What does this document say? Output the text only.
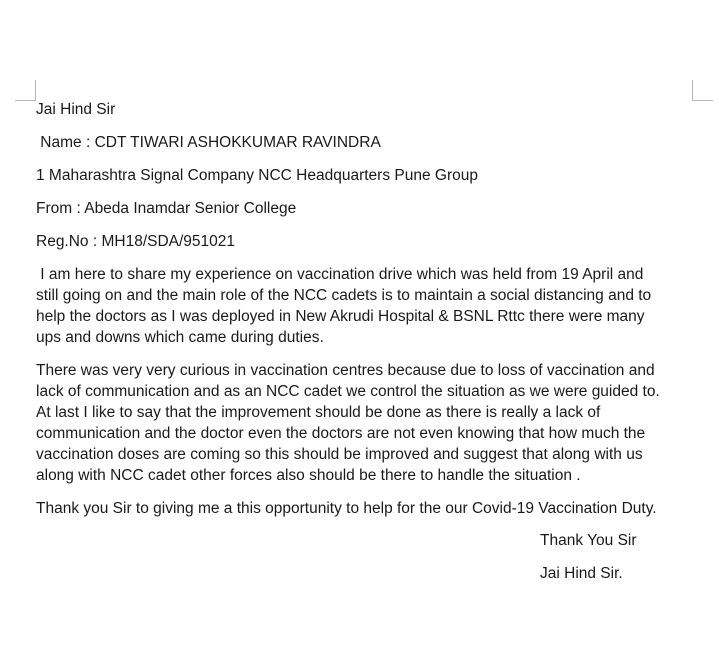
Jai Hind Sir

Name : CDT TIWARI ASHOKKUMAR RAVINDRA

1 Maharashtra Signal Company NCC Headquarters Pune Group

From : Abeda Inamdar Senior College

Reg.No : MH18/SDA/951021

I am here to share my experience on vaccination drive which was held from 19 April and
still going on and the main role of the NCC cadets is to maintain a social distancing and to
help the doctors as I was deployed in New Akrudi Hospital & BSNL Rttc there were many
ups and downs which came during duties.
There was very very curious in vaccination centres because due to loss of vaccination and
lack of communication and as an NCC cadet we control the situation as we were guided to.
At last I like to say that the improvement should be done as there is really a lack of
communication and the doctor even the doctors are not even knowing that how much the
vaccination doses are coming so this should be improved and suggest that along with us
along with NCC cadet other forces also should be there to handle the situation .

Thank you Sir to giving me a this opportunity to help for the our Covid-19 Vaccination Duty.

Thank You Sir
Jai Hind Sir.
